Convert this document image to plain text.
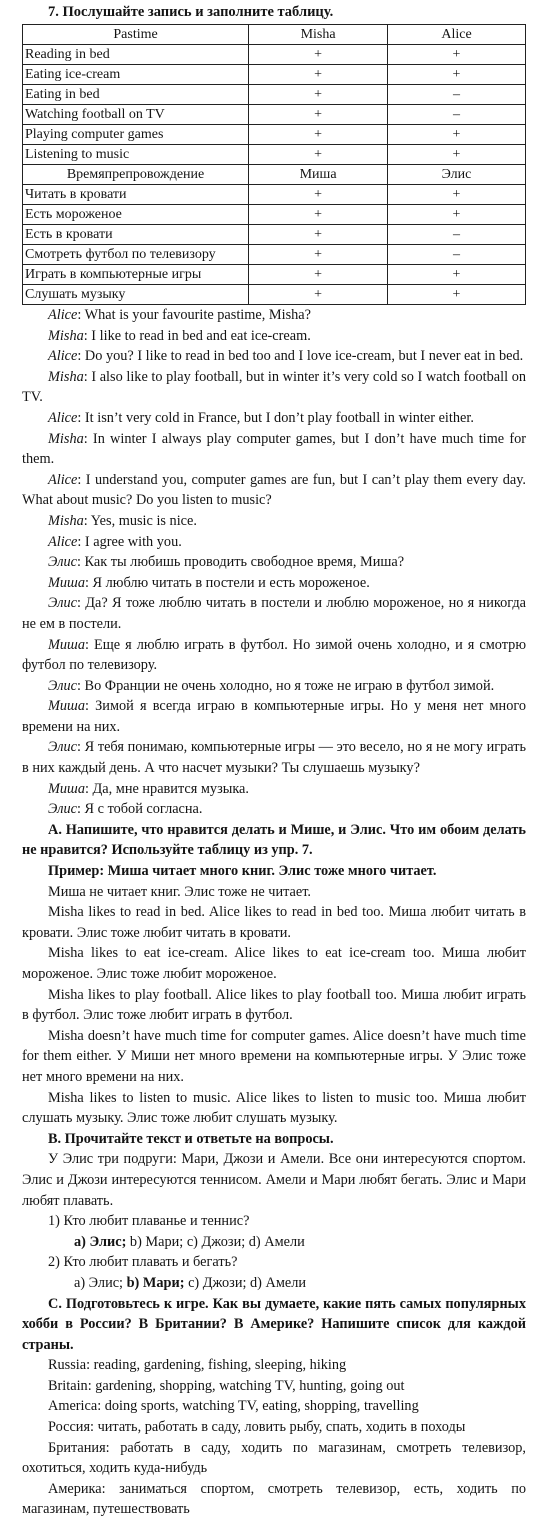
7. Послушайте запись и заполните таблицу.

Pastime	Misha	Alice
Reading in bed	+	+
Eating ice-cream	+	+
Eating in bed	+	–
Watching football on TV	+	–
Playing computer games	+	+
Listening to music	+	+
Времяпрепровождение	Миша	Элис
Читать в кровати	+	+
Есть мороженое	+	+
Есть в кровати	+	–
Смотреть футбол по телевизору	+	–
Играть в компьютерные игры	+	+
Слушать музыку	+	+

Alice: What is your favourite pastime, Misha?

Misha: I like to read in bed and eat ice-cream.

Alice: Do you? I like to read in bed too and I love ice-cream, but I never eat in bed.

Misha: I also like to play football, but in winter it’s very cold so I watch football on TV.

Alice: It isn’t very cold in France, but I don’t play football in winter either.

Misha: In winter I always play computer games, but I don’t have much time for them.

Alice: I understand you, computer games are fun, but I can’t play them every day. What about music? Do you listen to music?

Misha: Yes, music is nice.

Alice: I agree with you.

Элис: Как ты любишь проводить свободное время, Миша?

Миша: Я люблю читать в постели и есть мороженое.

Элис: Да? Я тоже люблю читать в постели и люблю мороженое, но я никогда не ем в постели.

Миша: Еще я люблю играть в футбол. Но зимой очень холодно, и я смотрю футбол по телевизору.

Элис: Во Франции не очень холодно, но я тоже не играю в футбол зимой.

Миша: Зимой я всегда играю в компьютерные игры. Но у меня нет много времени на них.

Элис: Я тебя понимаю, компьютерные игры — это весело, но я не могу играть в них каждый день. А что насчет музыки? Ты слушаешь музыку?

Миша: Да, мне нравится музыка.

Элис: Я с тобой согласна.

А. Напишите, что нравится делать и Мише, и Элис. Что им обоим делать не нравится? Используйте таблицу из упр. 7.

Пример: Миша читает много книг. Элис тоже много читает.

Миша не читает книг. Элис тоже не читает.

Misha likes to read in bed. Alice likes to read in bed too. Миша любит читать в кровати. Элис тоже любит читать в кровати.

Misha likes to eat ice-cream. Alice likes to eat ice-cream too. Миша любит мороженое. Элис тоже любит мороженое.

Misha likes to play football. Alice likes to play football too. Миша любит играть в футбол. Элис тоже любит играть в футбол.

Misha doesn’t have much time for computer games. Alice doesn’t have much time for them either. У Миши нет много времени на компьютерные игры. У Элис тоже нет много времени на них.

Misha likes to listen to music. Alice likes to listen to music too. Миша любит слушать музыку. Элис тоже любит слушать музыку.

В. Прочитайте текст и ответьте на вопросы.

У Элис три подруги: Мари, Джози и Амели. Все они интересуются спортом. Элис и Джози интересуются теннисом. Амели и Мари любят бегать. Элис и Мари любят плавать.

1) Кто любит плаванье и теннис?

а) Элис; b) Мари; c) Джози; d) Амели

2) Кто любит плавать и бегать?

а) Элис; b) Мари; c) Джози; d) Амели

С. Подготовьтесь к игре. Как вы думаете, какие пять самых популярных хобби в России? В Британии? В Америке? Напишите список для каждой страны.

Russia: reading, gardening, fishing, sleeping, hiking

Britain: gardening, shopping, watching TV, hunting, going out

America: doing sports, watching TV, eating, shopping, travelling

Россия: читать, работать в саду, ловить рыбу, спать, ходить в походы

Британия: работать в саду, ходить по магазинам, смотреть телевизор, охотиться, ходить куда-нибудь

Америка: заниматься спортом, смотреть телевизор, есть, ходить по магазинам, путешествовать
